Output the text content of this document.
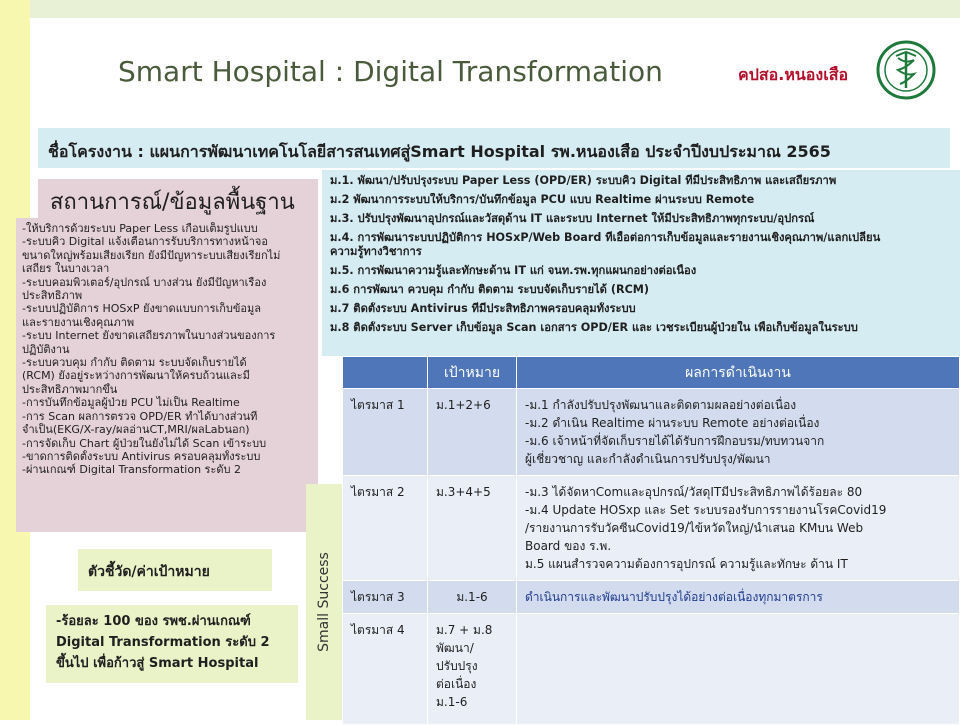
Smart Hospital : Digital Transformation	คปสอ.หนองเสือ
ชื่อโครงงาน : แผนการพัฒนาเทคโนโลยีสารสนเทศสู่Smart Hospital รพ.หนองเสือ ประจำปีงบประมาณ 2565
สถานการณ์/ข้อมูลพื้นฐาน
-ให้บริการด้วยระบบ Paper Less เกือบเต็มรูปแบบ
-ระบบคิว Digital แจ้งเตือนการรับบริการทางหน้าจอ
ขนาดใหญ่พร้อมเสียงเรียก ยังมีปัญหาระบบเสียงเรียกไม่
เสถียร ในบางเวลา
-ระบบคอมพิวเตอร์/อุปกรณ์ บางส่วน ยังมีปัญหาเรื่อง
ประสิทธิภาพ
-ระบบปฏิบัติการ HOSxP ยังขาดแบบการเก็บข้อมูล
และรายงานเชิงคุณภาพ
-ระบบ Internet ยังขาดเสถียรภาพในบางส่วนของการ
ปฏิบัติงาน
-ระบบควบคุม กำกับ ติดตาม ระบบจัดเก็บรายได้
(RCM) ยังอยู่ระหว่างการพัฒนาให้ครบถ้วนและมี
ประสิทธิภาพมากขึ้น
-การบันทึกข้อมูลผู้ป่วย PCU ไม่เป็น Realtime
-การ Scan ผลการตรวจ OPD/ER ทำได้บางส่วนที่
จำเป็น(EKG/X-ray/ผลอ่านCT,MRI/ผลLabนอก)
-การจัดเก็บ Chart ผู้ป่วยในยังไม่ได้ Scan เข้าระบบ
-ขาดการติดตั้งระบบ Antivirus ครอบคลุมทั้งระบบ
-ผ่านเกณฑ์ Digital Transformation ระดับ 2
ม.1. พัฒนา/ปรับปรุงระบบ Paper Less (OPD/ER) ระบบคิว Digital ที่มีประสิทธิภาพ และเสถียรภาพ
ม.2 พัฒนาการระบบให้บริการ/บันทึกข้อมูล PCU แบบ Realtime ผ่านระบบ Remote
ม.3. ปรับปรุงพัฒนาอุปกรณ์และวัสดุด้าน IT และระบบ Internet ให้มีประสิทธิภาพทุกระบบ/อุปกรณ์
ม.4. การพัฒนาระบบปฏิบัติการ HOSxP/Web Board ที่เอื้อต่อการเก็บข้อมูลและรายงานเชิงคุณภาพ/แลกเปลี่ยน
ความรู้ทางวิชาการ
ม.5. การพัฒนาความรู้และทักษะด้าน IT แก่ จนท.รพ.ทุกแผนกอย่างต่อเนื่อง
ม.6 การพัฒนา ควบคุม กำกับ ติดตาม ระบบจัดเก็บรายได้ (RCM)
ม.7 ติดตั้งระบบ Antivirus ที่มีประสิทธิภาพครอบคลุมทั้งระบบ
ม.8 ติดตั้งระบบ Server เก็บข้อมูล Scan เอกสาร OPD/ER และ เวชระเบียนผู้ป่วยใน เพื่อเก็บข้อมูลในระบบ
ตัวชี้วัด/ค่าเป้าหมาย
-ร้อยละ 100 ของ รพช.ผ่านเกณฑ์
Digital Transformation ระดับ 2
ขึ้นไป เพื่อก้าวสู่ Smart Hospital
Small Success
	เป้าหมาย	ผลการดำเนินงาน
ไตรมาส 1	ม.1+2+6	-ม.1 กำลังปรับปรุงพัฒนาและติดตามผลอย่างต่อเนื่อง
-ม.2 ดำเนิน Realtime ผ่านระบบ Remote อย่างต่อเนื่อง
-ม.6 เจ้าหน้าที่จัดเก็บรายได้ได้รับการฝึกอบรม/ทบทวนจาก
ผู้เชี่ยวชาญ และกำลังดำเนินการปรับปรุง/พัฒนา

ไตรมาส 2	ม.3+4+5	-ม.3 ได้จัดหาComและอุปกรณ์/วัสดุITมีประสิทธิภาพได้ร้อยละ 80
-ม.4 Update HOSxp และ Set ระบบรองรับการรายงานโรคCovid19
/รายงานการรับวัคซีนCovid19/ไข้หวัดใหญ่/นำเสนอ KMบน Web
Board ของ ร.พ.
ม.5 แผนสำรวจความต้องการอุปกรณ์ ความรู้และทักษะ ด้าน IT

ไตรมาส 3	ม.1-6	ดำเนินการและพัฒนาปรับปรุงได้อย่างต่อเนื่องทุกมาตรการ

ไตรมาส 4	ม.7 + ม.8
พัฒนา/
ปรับปรุง
ต่อเนื่อง
ม.1-6	
